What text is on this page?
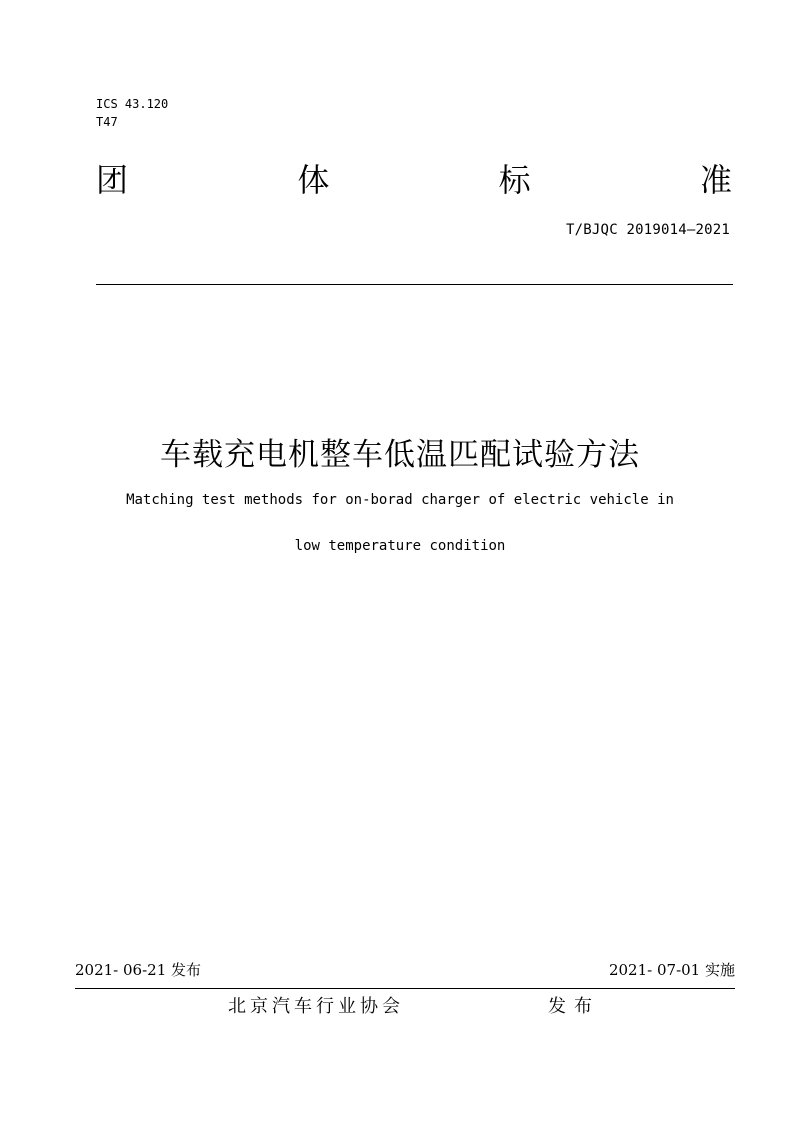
ICS 43.120
T47
团	体	标	准
T/BJQC 2019014—2021
车载充电机整车低温匹配试验方法
Matching test methods for on-borad charger of electric vehicle in
low temperature condition
2021- 06-21 发布	2021- 07-01 实施
北京汽车行业协会	发布
